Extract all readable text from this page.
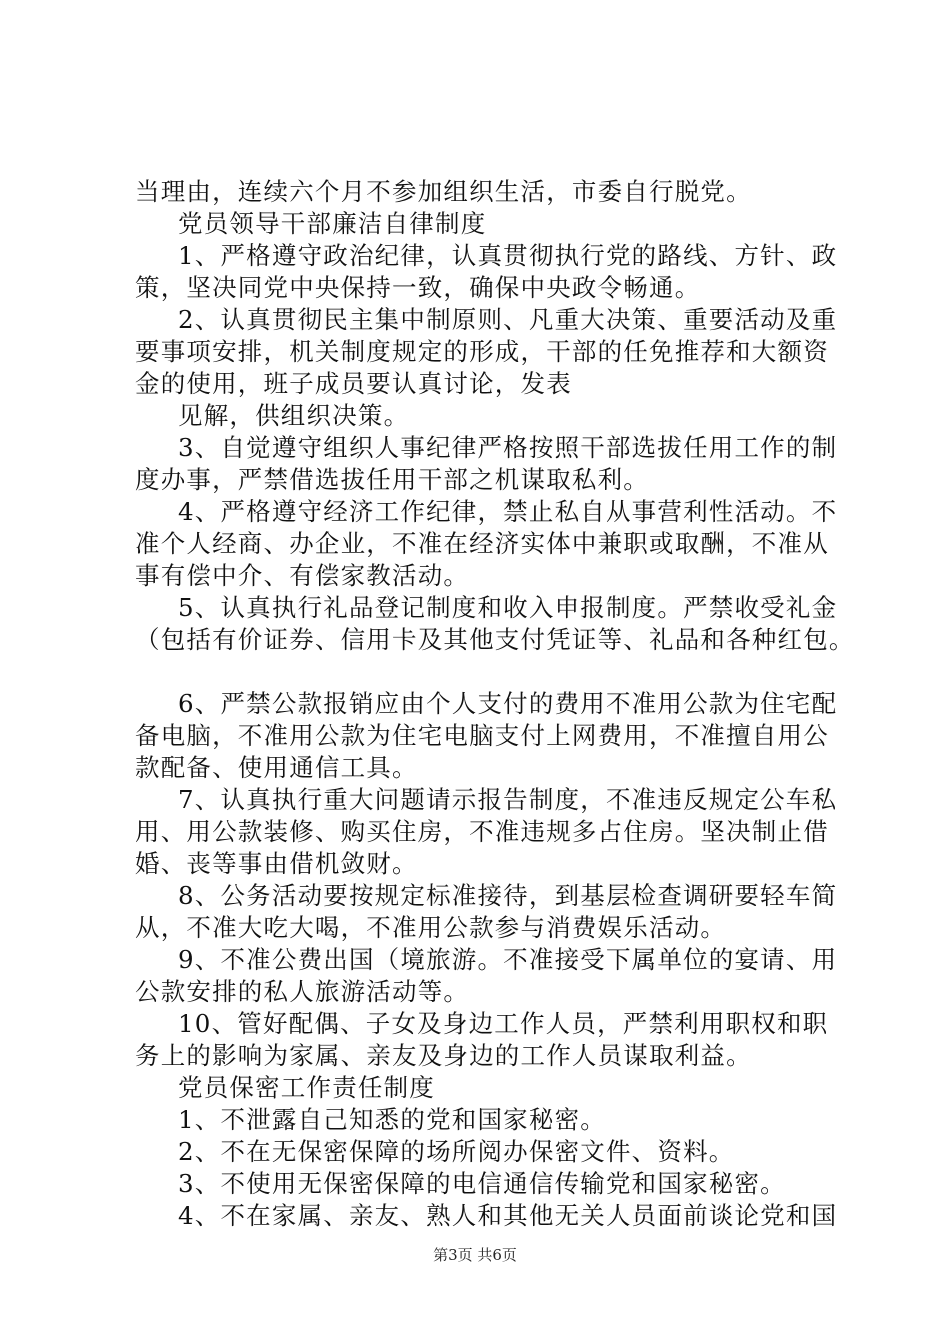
当理由，连续六个月不参加组织生活，市委自行脱党。
党员领导干部廉洁自律制度
1、严格遵守政治纪律，认真贯彻执行党的路线、方针、政
策，坚决同党中央保持一致，确保中央政令畅通。
2、认真贯彻民主集中制原则、凡重大决策、重要活动及重
要事项安排，机关制度规定的形成，干部的任免推荐和大额资
金的使用，班子成员要认真讨论，发表
见解，供组织决策。
3、自觉遵守组织人事纪律严格按照干部选拔任用工作的制
度办事，严禁借选拔任用干部之机谋取私利。
4、严格遵守经济工作纪律，禁止私自从事营利性活动。不
准个人经商、办企业，不准在经济实体中兼职或取酬，不准从
事有偿中介、有偿家教活动。
5、认真执行礼品登记制度和收入申报制度。严禁收受礼金
（包括有价证券、信用卡及其他支付凭证等、礼品和各种红包。
6、严禁公款报销应由个人支付的费用不准用公款为住宅配
备电脑，不准用公款为住宅电脑支付上网费用，不准擅自用公
款配备、使用通信工具。
7、认真执行重大问题请示报告制度，不准违反规定公车私
用、用公款装修、购买住房，不准违规多占住房。坚决制止借
婚、丧等事由借机敛财。
8、公务活动要按规定标准接待，到基层检查调研要轻车简
从，不准大吃大喝，不准用公款参与消费娱乐活动。
9、不准公费出国（境旅游。不准接受下属单位的宴请、用
公款安排的私人旅游活动等。
10、管好配偶、子女及身边工作人员，严禁利用职权和职
务上的影响为家属、亲友及身边的工作人员谋取利益。
党员保密工作责任制度
1、不泄露自己知悉的党和国家秘密。
2、不在无保密保障的场所阅办保密文件、资料。
3、不使用无保密保障的电信通信传输党和国家秘密。
4、不在家属、亲友、熟人和其他无关人员面前谈论党和国
第3页 共6页
